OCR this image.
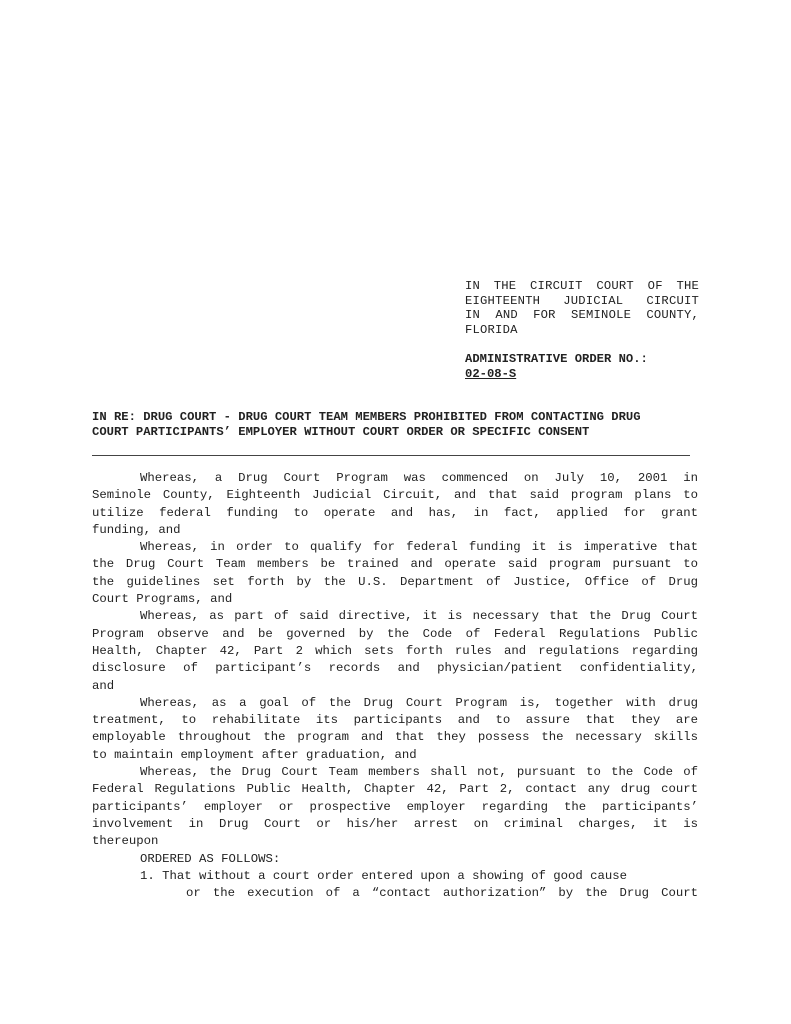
IN THE CIRCUIT COURT OF THE
EIGHTEENTH JUDICIAL CIRCUIT
IN AND FOR SEMINOLE COUNTY,
FLORIDA
ADMINISTRATIVE ORDER NO.:
02-08-S
IN RE: DRUG COURT - DRUG COURT TEAM MEMBERS PROHIBITED FROM CONTACTING DRUG
COURT PARTICIPANTS’ EMPLOYER WITHOUT COURT ORDER OR SPECIFIC CONSENT
Whereas, a Drug Court Program was commenced on July 10, 2001 in
Seminole County, Eighteenth Judicial Circuit, and that said program plans to
utilize federal funding to operate and has, in fact, applied for grant
funding, and
Whereas, in order to qualify for federal funding it is imperative that
the Drug Court Team members be trained and operate said program pursuant to
the guidelines set forth by the U.S. Department of Justice, Office of Drug
Court Programs, and
Whereas, as part of said directive, it is necessary that the Drug Court
Program observe and be governed by the Code of Federal Regulations Public
Health, Chapter 42, Part 2 which sets forth rules and regulations regarding
disclosure of participant’s records and physician/patient confidentiality,
and
Whereas, as a goal of the Drug Court Program is, together with drug
treatment, to rehabilitate its participants and to assure that they are
employable throughout the program and that they possess the necessary skills
to maintain employment after graduation, and
Whereas, the Drug Court Team members shall not, pursuant to the Code of
Federal Regulations Public Health, Chapter 42, Part 2, contact any drug court
participants’ employer or prospective employer regarding the participants’
involvement in Drug Court or his/her arrest on criminal charges, it is
thereupon
ORDERED AS FOLLOWS:
1. That without a court order entered upon a showing of good cause
or the execution of a “contact authorization” by the Drug Court
